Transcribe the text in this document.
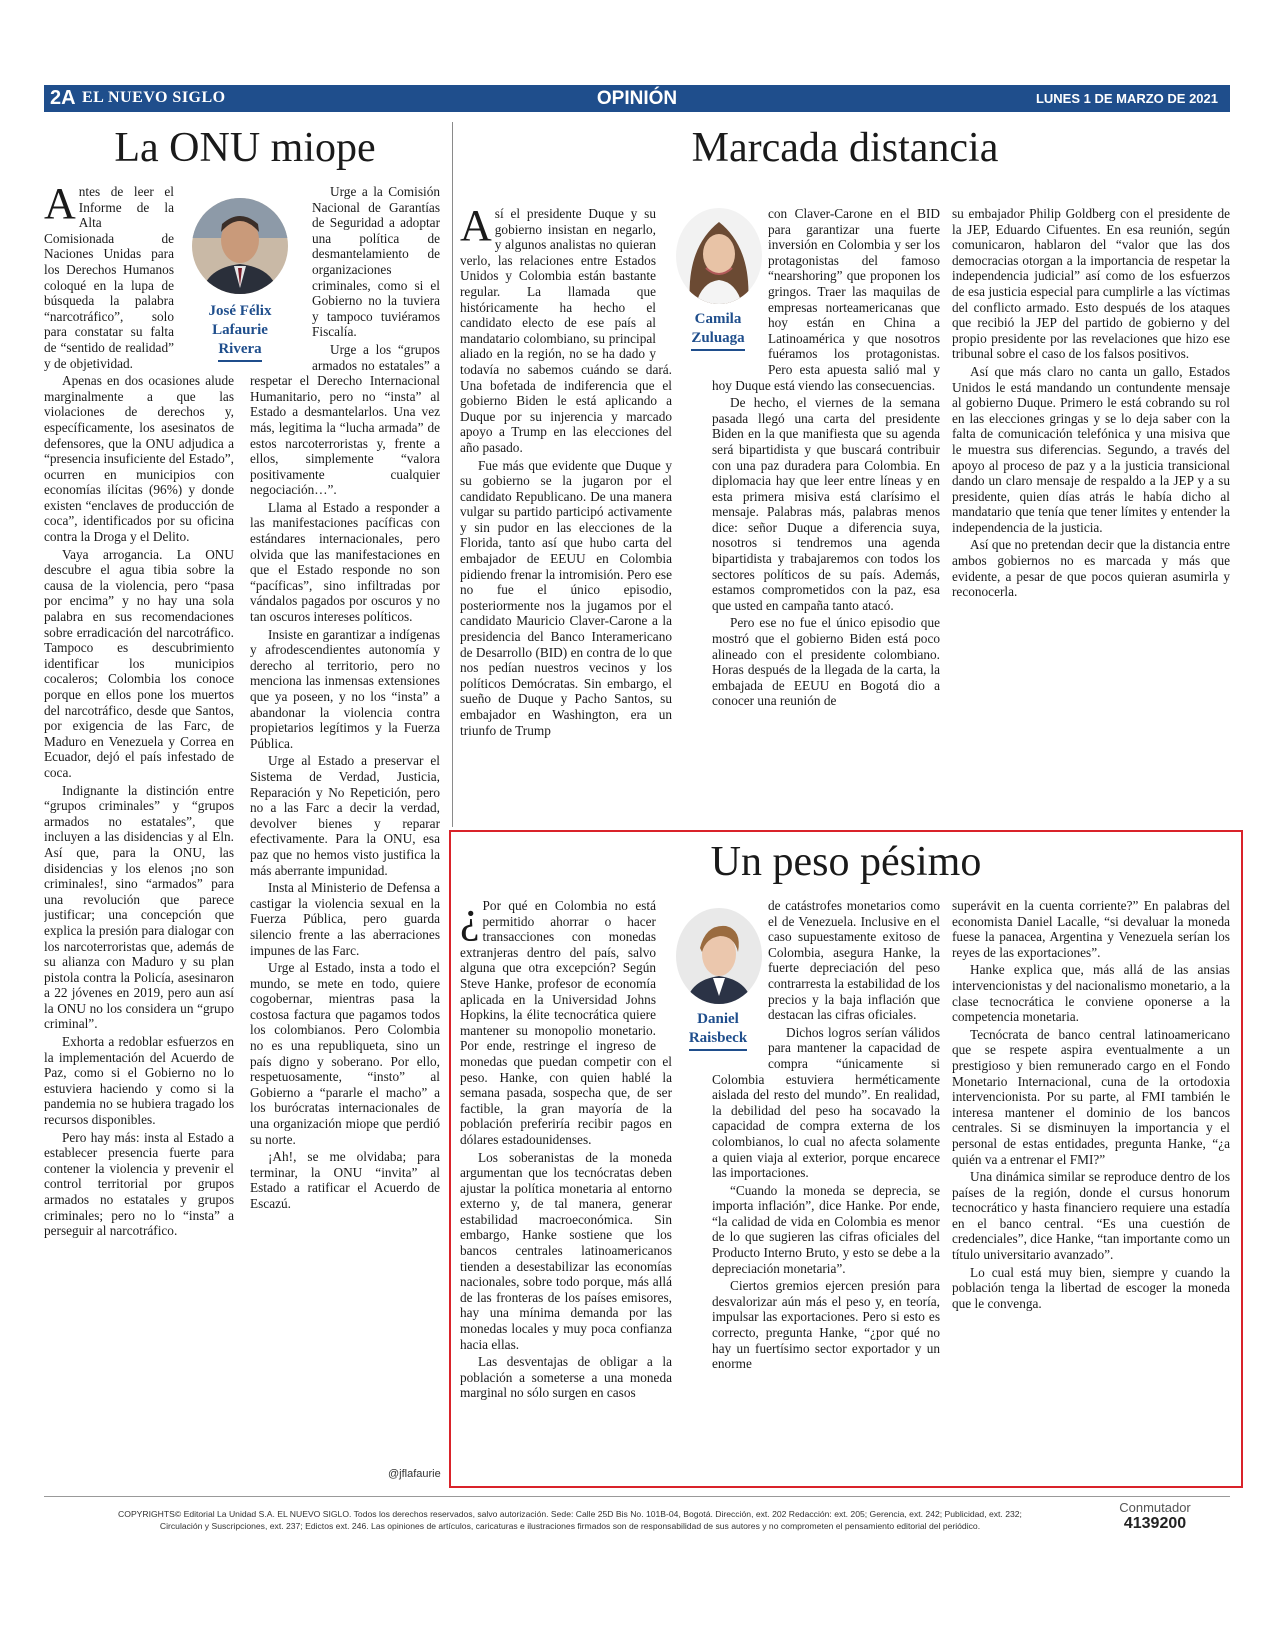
2A EL NUEVO SIGLO	OPINIÓN	LUNES 1 DE MARZO DE 2021
La ONU miope
José Félix
Lafaurie
Rivera

Antes de leer el Informe de la Alta Comisionada de Naciones Unidas para los Derechos Humanos coloqué en la lupa de búsqueda la palabra “narcotráfico”, solo para constatar su falta de “sentido de realidad” y de objetividad.

Apenas en dos ocasiones alude marginalmente a que las violaciones de derechos y, específicamente, los asesinatos de defensores, que la ONU adjudica a “presencia insuficiente del Estado”, ocurren en municipios con economías ilícitas (96%) y donde existen “enclaves de producción de coca”, identificados por su oficina contra la Droga y el Delito.

Vaya arrogancia. La ONU descubre el agua tibia sobre la causa de la violencia, pero “pasa por encima” y no hay una sola palabra en sus recomendaciones sobre erradicación del narcotráfico. Tampoco es descubrimiento identificar los municipios cocaleros; Colombia los conoce porque en ellos pone los muertos del narcotráfico, desde que Santos, por exigencia de las Farc, de Maduro en Venezuela y Correa en Ecuador, dejó el país infestado de coca.

Indignante la distinción entre “grupos criminales” y “grupos armados no estatales”, que incluyen a las disidencias y al Eln. Así que, para la ONU, las disidencias y los elenos ¡no son criminales!, sino “armados” para una revolución que parece justificar; una concepción que explica la presión para dialogar con los narcoterroristas que, además de su alianza con Maduro y su plan pistola contra la Policía, asesinaron a 22 jóvenes en 2019, pero aun así la ONU no los considera un “grupo criminal”.

Exhorta a redoblar esfuerzos en la implementación del Acuerdo de Paz, como si el Gobierno no lo estuviera haciendo y como si la pandemia no se hubiera tragado los recursos disponibles.

Pero hay más: insta al Estado a establecer presencia fuerte para contener la violencia y prevenir el control territorial por grupos armados no estatales y grupos criminales; pero no lo “insta” a perseguir al narcotráfico.

Urge a la Comisión Nacional de Garantías de Seguridad a adoptar una política de desmantelamiento de organizaciones criminales, como si el Gobierno no la tuviera y tampoco tuviéramos Fiscalía.

Urge a los “grupos armados no estatales” a respetar el Derecho Internacional Humanitario, pero no “insta” al Estado a desmantelarlos. Una vez más, legitima la “lucha armada” de estos narcoterroristas y, frente a ellos, simplemente “valora positivamente cualquier negociación…”.

Llama al Estado a responder a las manifestaciones pacíficas con estándares internacionales, pero olvida que las manifestaciones en que el Estado responde no son “pacíficas”, sino infiltradas por vándalos pagados por oscuros y no tan oscuros intereses políticos.

Insiste en garantizar a indígenas y afrodescendientes autonomía y derecho al territorio, pero no menciona las inmensas extensiones que ya poseen, y no los “insta” a abandonar la violencia contra propietarios legítimos y la Fuerza Pública.

Urge al Estado a preservar el Sistema de Verdad, Justicia, Reparación y No Repetición, pero no a las Farc a decir la verdad, devolver bienes y reparar efectivamente. Para la ONU, esa paz que no hemos visto justifica la más aberrante impunidad.

Insta al Ministerio de Defensa a castigar la violencia sexual en la Fuerza Pública, pero guarda silencio frente a las aberraciones impunes de las Farc.

Urge al Estado, insta a todo el mundo, se mete en todo, quiere cogobernar, mientras pasa la costosa factura que pagamos todos los colombianos. Pero Colombia no es una republiqueta, sino un país digno y soberano. Por ello, respetuosamente, “insto” al Gobierno a “pararle el macho” a los burócratas internacionales de una organización miope que perdió su norte.

¡Ah!, se me olvidaba; para terminar, la ONU “invita” al Estado a ratificar el Acuerdo de Escazú.

@jflafaurie
Marcada distancia
Camila
Zuluaga

Así el presidente Duque y su gobierno insistan en negarlo, y algunos analistas no quieran verlo, las relaciones entre Estados Unidos y Colombia están bastante regular. La llamada que históricamente ha hecho el candidato electo de ese país al mandatario colombiano, su principal aliado en la región, no se ha dado y todavía no sabemos cuándo se dará. Una bofetada de indiferencia que el gobierno Biden le está aplicando a Duque por su injerencia y marcado apoyo a Trump en las elecciones del año pasado.

Fue más que evidente que Duque y su gobierno se la jugaron por el candidato Republicano. De una manera vulgar su partido participó activamente y sin pudor en las elecciones de la Florida, tanto así que hubo carta del embajador de EEUU en Colombia pidiendo frenar la intromisión. Pero ese no fue el único episodio, posteriormente nos la jugamos por el candidato Mauricio Claver-Carone a la presidencia del Banco Interamericano de Desarrollo (BID) en contra de lo que nos pedían nuestros vecinos y los políticos Demócratas. Sin embargo, el sueño de Duque y Pacho Santos, su embajador en Washington, era un triunfo de Trump

con Claver-Carone en el BID para garantizar una fuerte inversión en Colombia y ser los protagonistas del famoso “nearshoring” que proponen los gringos. Traer las maquilas de empresas norteamericanas que hoy están en China a Latinoamérica y que nosotros fuéramos los protagonistas. Pero esta apuesta salió mal y hoy Duque está viendo las consecuencias.

De hecho, el viernes de la semana pasada llegó una carta del presidente Biden en la que manifiesta que su agenda será bipartidista y que buscará contribuir con una paz duradera para Colombia. En diplomacia hay que leer entre líneas y en esta primera misiva está clarísimo el mensaje. Palabras más, palabras menos dice: señor Duque a diferencia suya, nosotros si tendremos una agenda bipartidista y trabajaremos con todos los sectores políticos de su país. Además, estamos comprometidos con la paz, esa que usted en campaña tanto atacó.

Pero ese no fue el único episodio que mostró que el gobierno Biden está poco alineado con el presidente colombiano. Horas después de la llegada de la carta, la embajada de EEUU en Bogotá dio a conocer una reunión de

su embajador Philip Goldberg con el presidente de la JEP, Eduardo Cifuentes. En esa reunión, según comunicaron, hablaron del “valor que las dos democracias otorgan a la importancia de respetar la independencia judicial” así como de los esfuerzos de esa justicia especial para cumplirle a las víctimas del conflicto armado. Esto después de los ataques que recibió la JEP del partido de gobierno y del propio presidente por las revelaciones que hizo ese tribunal sobre el caso de los falsos positivos.

Así que más claro no canta un gallo, Estados Unidos le está mandando un contundente mensaje al gobierno Duque. Primero le está cobrando su rol en las elecciones gringas y se lo deja saber con la falta de comunicación telefónica y una misiva que le muestra sus diferencias. Segundo, a través del apoyo al proceso de paz y a la justicia transicional dando un claro mensaje de respaldo a la JEP y a su presidente, quien días atrás le había dicho al mandatario que tenía que tener límites y entender la independencia de la justicia.

Así que no pretendan decir que la distancia entre ambos gobiernos no es marcada y más que evidente, a pesar de que pocos quieran asumirla y reconocerla.

Un peso pésimo
Daniel
Raisbeck

¿ Por qué en Colombia no está permitido ahorrar o hacer transacciones con monedas extranjeras dentro del país, salvo alguna que otra excepción? Según Steve Hanke, profesor de economía aplicada en la Universidad Johns Hopkins, la élite tecnocrática quiere mantener su monopolio monetario. Por ende, restringe el ingreso de monedas que puedan competir con el peso. Hanke, con quien hablé la semana pasada, sospecha que, de ser factible, la gran mayoría de la población preferiría recibir pagos en dólares estadounidenses.

Los soberanistas de la moneda argumentan que los tecnócratas deben ajustar la política monetaria al entorno externo y, de tal manera, generar estabilidad macroeconómica. Sin embargo, Hanke sostiene que los bancos centrales latinoamericanos tienden a desestabilizar las economías nacionales, sobre todo porque, más allá de las fronteras de los países emisores, hay una mínima demanda por las monedas locales y muy poca confianza hacia ellas.

Las desventajas de obligar a la población a someterse a una moneda marginal no sólo surgen en casos

de catástrofes monetarios como el de Venezuela. Inclusive en el caso supuestamente exitoso de Colombia, asegura Hanke, la fuerte depreciación del peso contrarresta la estabilidad de los precios y la baja inflación que destacan las cifras oficiales.

Dichos logros serían válidos para mantener la capacidad de compra “únicamente si Colombia estuviera herméticamente aislada del resto del mundo”. En realidad, la debilidad del peso ha socavado la capacidad de compra externa de los colombianos, lo cual no afecta solamente a quien viaja al exterior, porque encarece las importaciones.

“Cuando la moneda se deprecia, se importa inflación”, dice Hanke. Por ende, “la calidad de vida en Colombia es menor de lo que sugieren las cifras oficiales del Producto Interno Bruto, y esto se debe a la depreciación monetaria”.

Ciertos gremios ejercen presión para desvalorizar aún más el peso y, en teoría, impulsar las exportaciones. Pero si esto es correcto, pregunta Hanke, “¿por qué no hay un fuertísimo sector exportador y un enorme

superávit en la cuenta corriente?” En palabras del economista Daniel Lacalle, “si devaluar la moneda fuese la panacea, Argentina y Venezuela serían los reyes de las exportaciones”.

Hanke explica que, más allá de las ansias intervencionistas y del nacionalismo monetario, a la clase tecnocrática le conviene oponerse a la competencia monetaria.

Tecnócrata de banco central latinoamericano que se respete aspira eventualmente a un prestigioso y bien remunerado cargo en el Fondo Monetario Internacional, cuna de la ortodoxia intervencionista. Por su parte, al FMI también le interesa mantener el dominio de los bancos centrales. Si se disminuyen la importancia y el personal de estas entidades, pregunta Hanke, “¿a quién va a entrenar el FMI?”

Una dinámica similar se reproduce dentro de los países de la región, donde el cursus honorum tecnocrático y hasta financiero requiere una estadía en el banco central. “Es una cuestión de credenciales”, dice Hanke, “tan importante como un título universitario avanzado”.

Lo cual está muy bien, siempre y cuando la población tenga la libertad de escoger la moneda que le convenga.

COPYRIGHTS© Editorial La Unidad S.A. EL NUEVO SIGLO. Todos los derechos reservados, salvo autorización. Sede: Calle 25D Bis No. 101B-04, Bogotá. Dirección, ext. 202 Redacción: ext. 205; Gerencia, ext. 242; Publicidad, ext. 232;
Circulación y Suscripciones, ext. 237; Edictos ext. 246. Las opiniones de artículos, caricaturas e ilustraciones firmados son de responsabilidad de sus autores y no comprometen el pensamiento editorial del periódico.
Conmutador
4139200
